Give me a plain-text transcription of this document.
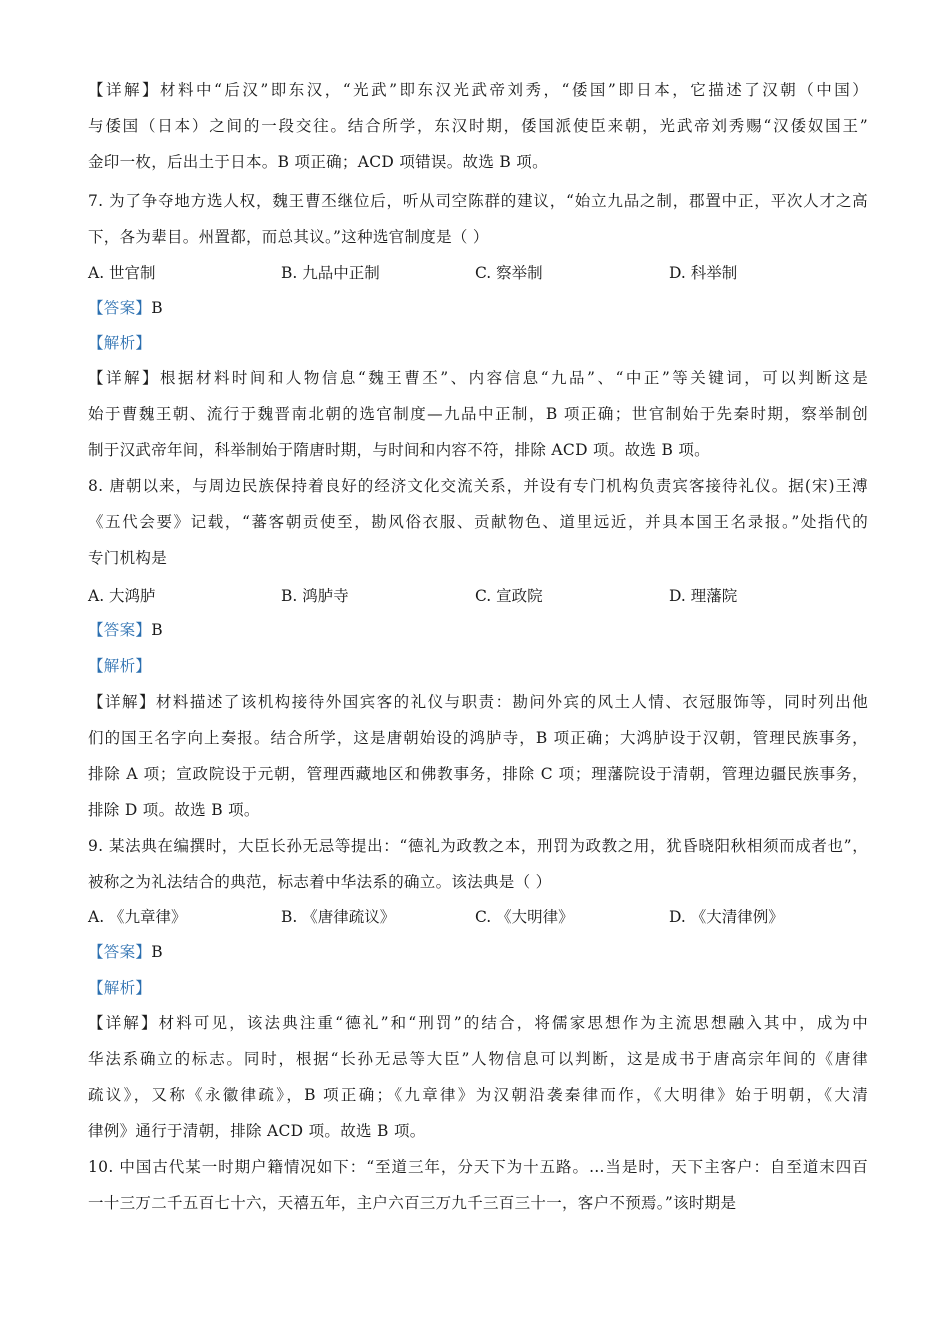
【详解】材料中“后汉”即东汉，“光武”即东汉光武帝刘秀，“倭国”即日本，它描述了汉朝（中国）
与倭国（日本）之间的一段交往。结合所学，东汉时期，倭国派使臣来朝，光武帝刘秀赐“汉倭奴国王”
金印一枚，后出土于日本。B 项正确；ACD 项错误。故选 B 项。
7. 为了争夺地方选人权，魏王曹丕继位后，听从司空陈群的建议，“始立九品之制，郡置中正，平次人才之高
下，各为辈目。州置都，而总其议。”这种选官制度是（ ）
A. 世官制	B. 九品中正制	C. 察举制	D. 科举制
【答案】B
【解析】
【详解】根据材料时间和人物信息“魏王曹丕”、内容信息“九品”、“中正”等关键词，可以判断这是
始于曹魏王朝、流行于魏晋南北朝的选官制度—九品中正制，B 项正确；世官制始于先秦时期，察举制创
制于汉武帝年间，科举制始于隋唐时期，与时间和内容不符，排除 ACD 项。故选 B 项。
8. 唐朝以来，与周边民族保持着良好的经济文化交流关系，并设有专门机构负责宾客接待礼仪。据(宋)王溥
《五代会要》记载，“蕃客朝贡使至，勘风俗衣服、贡献物色、道里远近，并具本国王名录报。”处指代的
专门机构是
A. 大鸿胪	B. 鸿胪寺	C. 宣政院	D. 理藩院
【答案】B
【解析】
【详解】材料描述了该机构接待外国宾客的礼仪与职责：勘问外宾的风土人情、衣冠服饰等，同时列出他
们的国王名字向上奏报。结合所学，这是唐朝始设的鸿胪寺，B 项正确；大鸿胪设于汉朝，管理民族事务，
排除 A 项；宣政院设于元朝，管理西藏地区和佛教事务，排除 C 项；理藩院设于清朝，管理边疆民族事务，
排除 D 项。故选 B 项。
9. 某法典在编撰时，大臣长孙无忌等提出：“德礼为政教之本，刑罚为政教之用，犹昏晓阳秋相须而成者也”，
被称之为礼法结合的典范，标志着中华法系的确立。该法典是（ ）
A. 《九章律》	B. 《唐律疏议》	C. 《大明律》	D. 《大清律例》
【答案】B
【解析】
【详解】材料可见，该法典注重“德礼”和“刑罚”的结合，将儒家思想作为主流思想融入其中，成为中
华法系确立的标志。同时，根据“长孙无忌等大臣”人物信息可以判断，这是成书于唐高宗年间的《唐律
疏议》，又称《永徽律疏》，B 项正确；《九章律》为汉朝沿袭秦律而作，《大明律》始于明朝，《大清
律例》通行于清朝，排除 ACD 项。故选 B 项。
10. 中国古代某一时期户籍情况如下：“至道三年，分天下为十五路。…当是时，天下主客户：自至道末四百
一十三万二千五百七十六，天禧五年，主户六百三万九千三百三十一，客户不预焉。”该时期是
